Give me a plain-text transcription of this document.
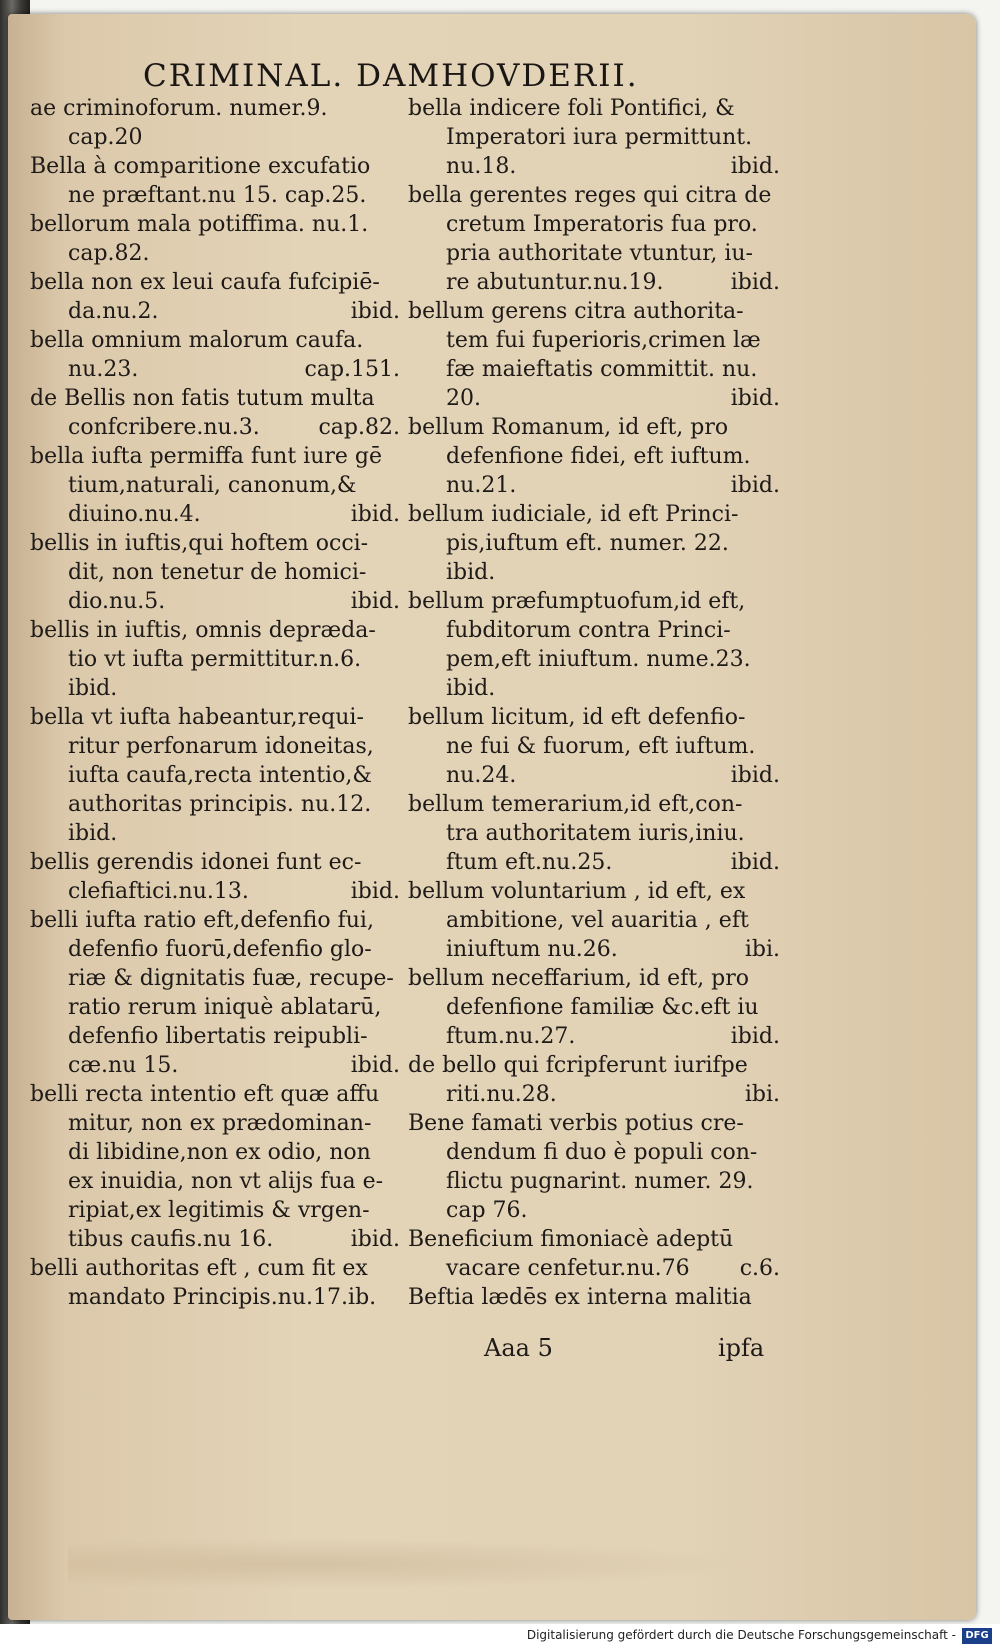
CRIMINAL. DAMHOVDERII.
ae criminoforum. numer.9.
cap.20
Bella à comparitione excufatio
ne præftant.nu 15. cap.25.
bellorum mala potiffima. nu.1.
cap.82.
bella non ex leui caufa fufcipiē-
da.nu.2.	ibid.
bella omnium malorum caufa.
nu.23.	cap.151.
de Bellis non fatis tutum multa
confcribere.nu.3.	cap.82.
bella iufta permiffa funt iure gē
tium,naturali, canonum,&
diuino.nu.4.	ibid.
bellis in iuftis,qui hoftem occi-
dit, non tenetur de homici-
dio.nu.5.	ibid.
bellis in iuftis, omnis depræda-
tio vt iufta permittitur.n.6.
ibid.
bella vt iufta habeantur,requi-
ritur perfonarum idoneitas,
iufta caufa,recta intentio,&
authoritas principis. nu.12.
ibid.
bellis gerendis idonei funt ec-
clefiaftici.nu.13.	ibid.
belli iufta ratio eft,defenfio fui,
defenfio fuorū,defenfio glo-
riæ & dignitatis fuæ, recupe-
ratio rerum iniquè ablatarū,
defenfio libertatis reipubli-
cæ.nu 15.	ibid.
belli recta intentio eft quæ affu
mitur, non ex prædominan-
di libidine,non ex odio, non
ex inuidia, non vt alijs fua e-
ripiat,ex legitimis & vrgen-
tibus caufis.nu 16.	ibid.
belli authoritas eft , cum fit ex
mandato Principis.nu.17.ib.
bella indicere foli Pontifici, &
Imperatori iura permittunt.
nu.18.	ibid.
bella gerentes reges qui citra de
cretum Imperatoris fua pro.
pria authoritate vtuntur, iu-
re abutuntur.nu.19.	ibid.
bellum gerens citra authorita-
tem fui fuperioris,crimen læ
fæ maieftatis committit. nu.
20.	ibid.
bellum Romanum, id eft, pro
defenfione fidei, eft iuftum.
nu.21.	ibid.
bellum iudiciale, id eft Princi-
pis,iuftum eft. numer. 22.
ibid.
bellum præfumptuofum,id eft,
fubditorum contra Princi-
pem,eft iniuftum. nume.23.
ibid.
bellum licitum, id eft defenfio-
ne fui & fuorum, eft iuftum.
nu.24.	ibid.
bellum temerarium,id eft,con-
tra authoritatem iuris,iniu.
ftum eft.nu.25.	ibid.
bellum voluntarium , id eft, ex
ambitione, vel auaritia , eft
iniuftum nu.26.	ibi.
bellum neceffarium, id eft, pro
defenfione familiæ &c.eft iu
ftum.nu.27.	ibid.
de bello qui fcripferunt iurifpe
riti.nu.28.	ibi.
Bene famati verbis potius cre-
dendum fi duo è populi con-
flictu pugnarint. numer. 29.
cap 76.
Beneficium fimoniacè adeptū
vacare cenfetur.nu.76 c.6.
Beftia lædēs ex interna malitia
Aaa 5	ipfa
Digitalisierung gefördert durch die Deutsche Forschungsgemeinschaft - DFG
